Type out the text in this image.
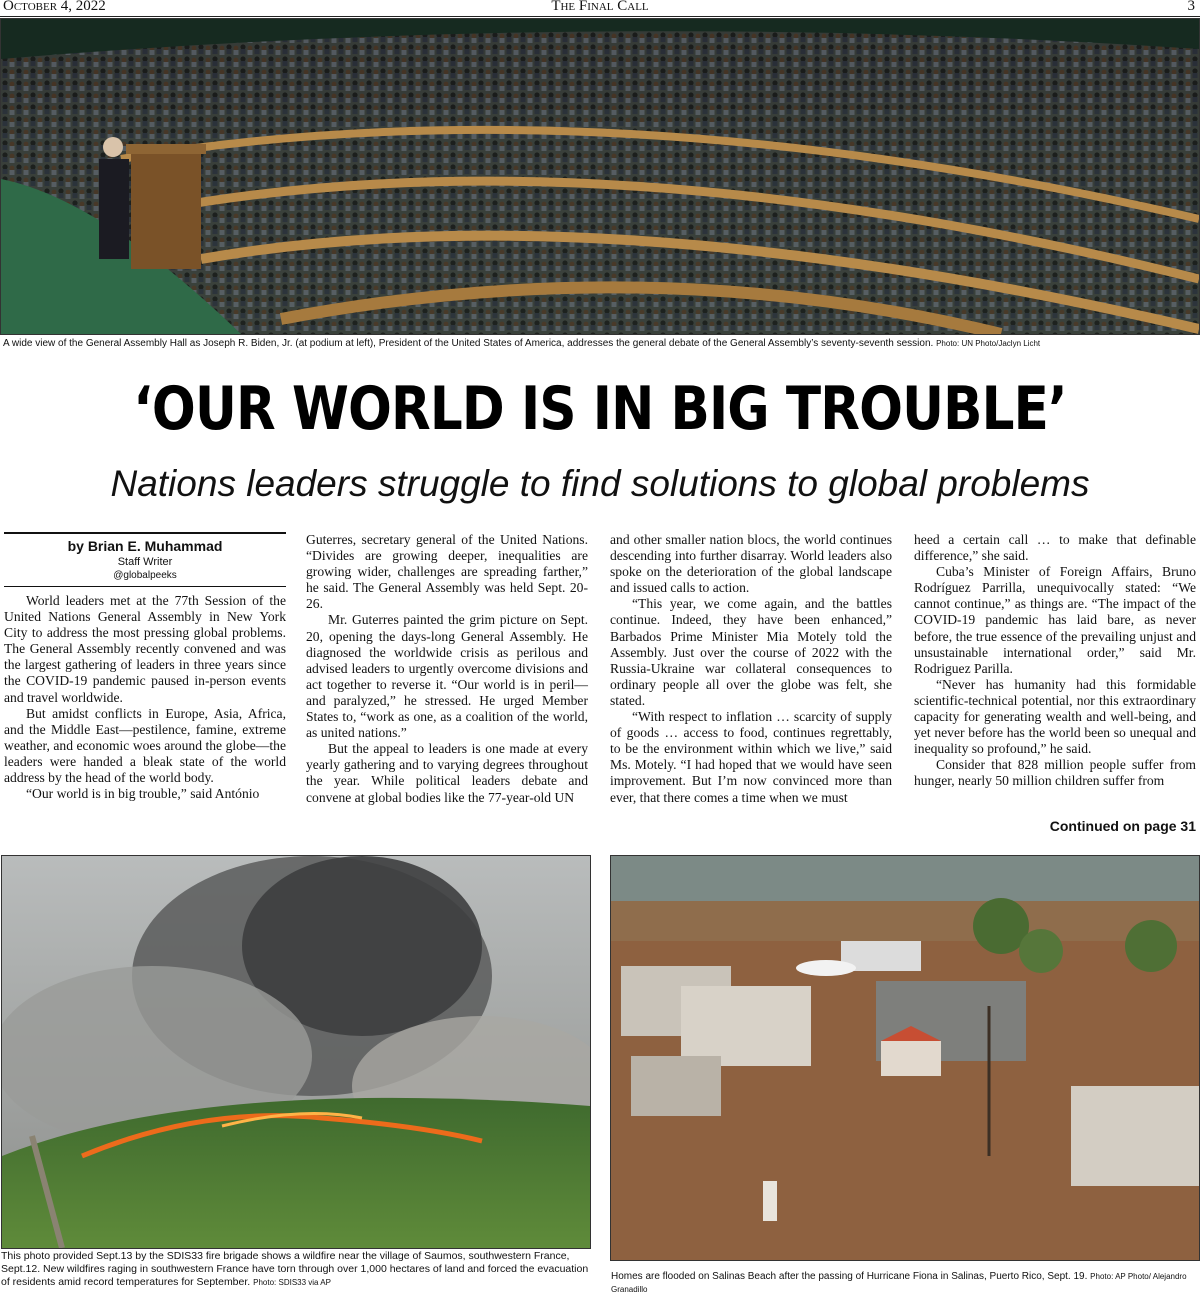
October 4, 2022	The Final Call	3
A wide view of the General Assembly Hall as Joseph R. Biden, Jr. (at podium at left), President of the United States of America, addresses the general debate of the General Assembly’s seventy-seventh session. Photo: UN Photo/Jaclyn Licht
‘OUR WORLD IS IN BIG TROUBLE’
Nations leaders struggle to find solutions to global problems
by Brian E. Muhammad
Staff Writer
@globalpeeks

World leaders met at the 77th Session of the United Nations General Assembly in New York City to address the most pressing global problems. The General Assembly recently convened and was the largest gathering of leaders in three years since the COVID-19 pandemic paused in-person events and travel worldwide.

But amidst conflicts in Europe, Asia, Africa, and the Middle East—pestilence, famine, extreme weather, and economic woes around the globe—the leaders were handed a bleak state of the world address by the head of the world body.

“Our world is in big trouble,” said António

Guterres, secretary general of the United Nations. “Divides are growing deeper, inequalities are growing wider, challenges are spreading farther,” he said. The General Assembly was held Sept. 20-26.

Mr. Guterres painted the grim picture on Sept. 20, opening the days-long General Assembly. He diagnosed the worldwide crisis as perilous and advised leaders to urgently overcome divisions and act together to reverse it. “Our world is in peril—and paralyzed,” he stressed. He urged Member States to, “work as one, as a coalition of the world, as united nations.”

But the appeal to leaders is one made at every yearly gathering and to varying degrees throughout the year. While political leaders debate and convene at global bodies like the 77-year-old UN

and other smaller nation blocs, the world continues descending into further disarray. World leaders also spoke on the deterioration of the global landscape and issued calls to action.

“This year, we come again, and the battles continue. Indeed, they have been enhanced,” Barbados Prime Minister Mia Motely told the Assembly. Just over the course of 2022 with the Russia-Ukraine war collateral consequences to ordinary people all over the globe was felt, she stated.

“With respect to inflation … scarcity of supply of goods … access to food, continues regrettably, to be the environment within which we live,” said Ms. Motely. “I had hoped that we would have seen improvement. But I’m now convinced more than ever, that there comes a time when we must

heed a certain call … to make that definable difference,” she said.

Cuba’s Minister of Foreign Affairs, Bruno Rodríguez Parrilla, unequivocally stated: “We cannot continue,” as things are. “The impact of the COVID-19 pandemic has laid bare, as never before, the true essence of the prevailing unjust and unsustainable international order,” said Mr. Rodriguez Parilla.

“Never has humanity had this formidable scientific-technical potential, nor this extraordinary capacity for generating wealth and well-being, and yet never before has the world been so unequal and inequality so profound,” he said.

Consider that 828 million people suffer from hunger, nearly 50 million children suffer from

Continued on page 31
This photo provided Sept.13 by the SDIS33 fire brigade shows a wildfire near the village of Saumos, southwestern France, Sept.12. New wildfires raging in southwestern France have torn through over 1,000 hectares of land and forced the evacuation of residents amid record temperatures for September. Photo: SDIS33 via AP
Homes are flooded on Salinas Beach after the passing of Hurricane Fiona in Salinas, Puerto Rico, Sept. 19. Photo: AP Photo/ Alejandro Granadillo
